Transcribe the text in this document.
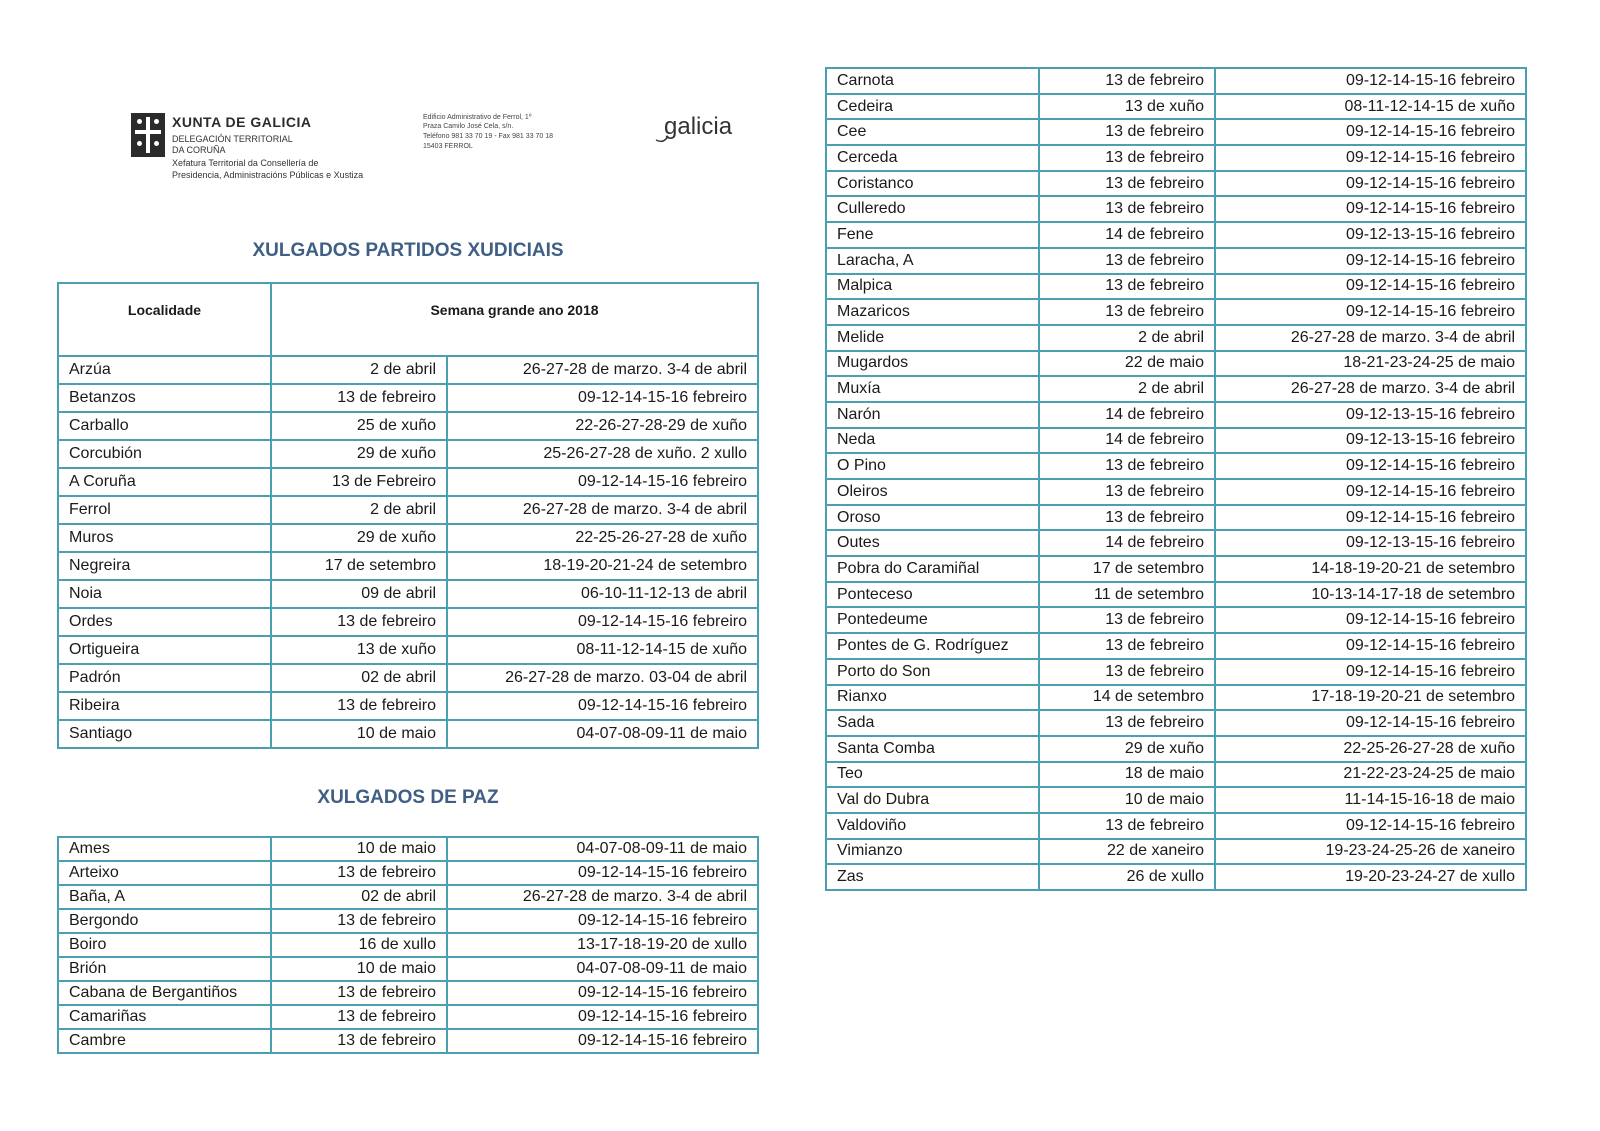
XUNTA DE GALICIA
DELEGACIÓN TERRITORIAL
DA CORUÑA
Xefatura Territorial da Consellería de
Presidencia, Administracións Públicas e Xustiza
Edificio Administrativo de Ferrol, 1º
Praza Camilo José Cela, s/n.
Teléfono 981 33 70 19 - Fax 981 33 70 18
15403 FERROL
galicia
XULGADOS PARTIDOS XUDICIAIS
Localidade	Semana grande ano 2018	
Arzúa	2 de abril	26-27-28 de marzo. 3-4 de abril
Betanzos	13 de febreiro	09-12-14-15-16 febreiro
Carballo	25 de xuño	22-26-27-28-29 de xuño
Corcubión	29 de xuño	25-26-27-28 de xuño. 2 xullo
A Coruña	13 de Febreiro	09-12-14-15-16 febreiro
Ferrol	2 de abril	26-27-28 de marzo. 3-4 de abril
Muros	29 de xuño	22-25-26-27-28 de xuño
Negreira	17 de setembro	18-19-20-21-24 de setembro
Noia	09 de abril	06-10-11-12-13 de abril
Ordes	13 de febreiro	09-12-14-15-16 febreiro
Ortigueira	13 de xuño	08-11-12-14-15 de xuño
Padrón	02 de abril	26-27-28 de marzo. 03-04 de abril
Ribeira	13 de febreiro	09-12-14-15-16 febreiro
Santiago	10 de maio	04-07-08-09-11 de maio
XULGADOS DE PAZ
Ames	10 de maio	04-07-08-09-11 de maio
Arteixo	13 de febreiro	09-12-14-15-16 febreiro
Baña, A	02 de abril	26-27-28 de marzo. 3-4 de abril
Bergondo	13 de febreiro	09-12-14-15-16 febreiro
Boiro	16 de xullo	13-17-18-19-20 de xullo
Brión	10 de maio	04-07-08-09-11 de maio
Cabana de Bergantiños	13 de febreiro	09-12-14-15-16 febreiro
Camariñas	13 de febreiro	09-12-14-15-16 febreiro
Cambre	13 de febreiro	09-12-14-15-16 febreiro
Carnota	13 de febreiro	09-12-14-15-16 febreiro
Cedeira	13 de xuño	08-11-12-14-15 de xuño
Cee	13 de febreiro	09-12-14-15-16 febreiro
Cerceda	13 de febreiro	09-12-14-15-16 febreiro
Coristanco	13 de febreiro	09-12-14-15-16 febreiro
Culleredo	13 de febreiro	09-12-14-15-16 febreiro
Fene	14 de febreiro	09-12-13-15-16 febreiro
Laracha, A	13 de febreiro	09-12-14-15-16 febreiro
Malpica	13 de febreiro	09-12-14-15-16 febreiro
Mazaricos	13 de febreiro	09-12-14-15-16 febreiro
Melide	2 de abril	26-27-28 de marzo. 3-4 de abril
Mugardos	22 de maio	18-21-23-24-25 de maio
Muxía	2 de abril	26-27-28 de marzo. 3-4 de abril
Narón	14 de febreiro	09-12-13-15-16 febreiro
Neda	14 de febreiro	09-12-13-15-16 febreiro
O Pino	13 de febreiro	09-12-14-15-16 febreiro
Oleiros	13 de febreiro	09-12-14-15-16 febreiro
Oroso	13 de febreiro	09-12-14-15-16 febreiro
Outes	14 de febreiro	09-12-13-15-16 febreiro
Pobra do Caramiñal	17 de setembro	14-18-19-20-21 de setembro
Ponteceso	11 de setembro	10-13-14-17-18 de setembro
Pontedeume	13 de febreiro	09-12-14-15-16 febreiro
Pontes de G. Rodríguez	13 de febreiro	09-12-14-15-16 febreiro
Porto do Son	13 de febreiro	09-12-14-15-16 febreiro
Rianxo	14 de setembro	17-18-19-20-21 de setembro
Sada	13 de febreiro	09-12-14-15-16 febreiro
Santa Comba	29 de xuño	22-25-26-27-28 de xuño
Teo	18 de maio	21-22-23-24-25 de maio
Val do Dubra	10 de maio	11-14-15-16-18 de maio
Valdoviño	13 de febreiro	09-12-14-15-16 febreiro
Vimianzo	22 de xaneiro	19-23-24-25-26 de xaneiro
Zas	26 de xullo	19-20-23-24-27 de xullo
